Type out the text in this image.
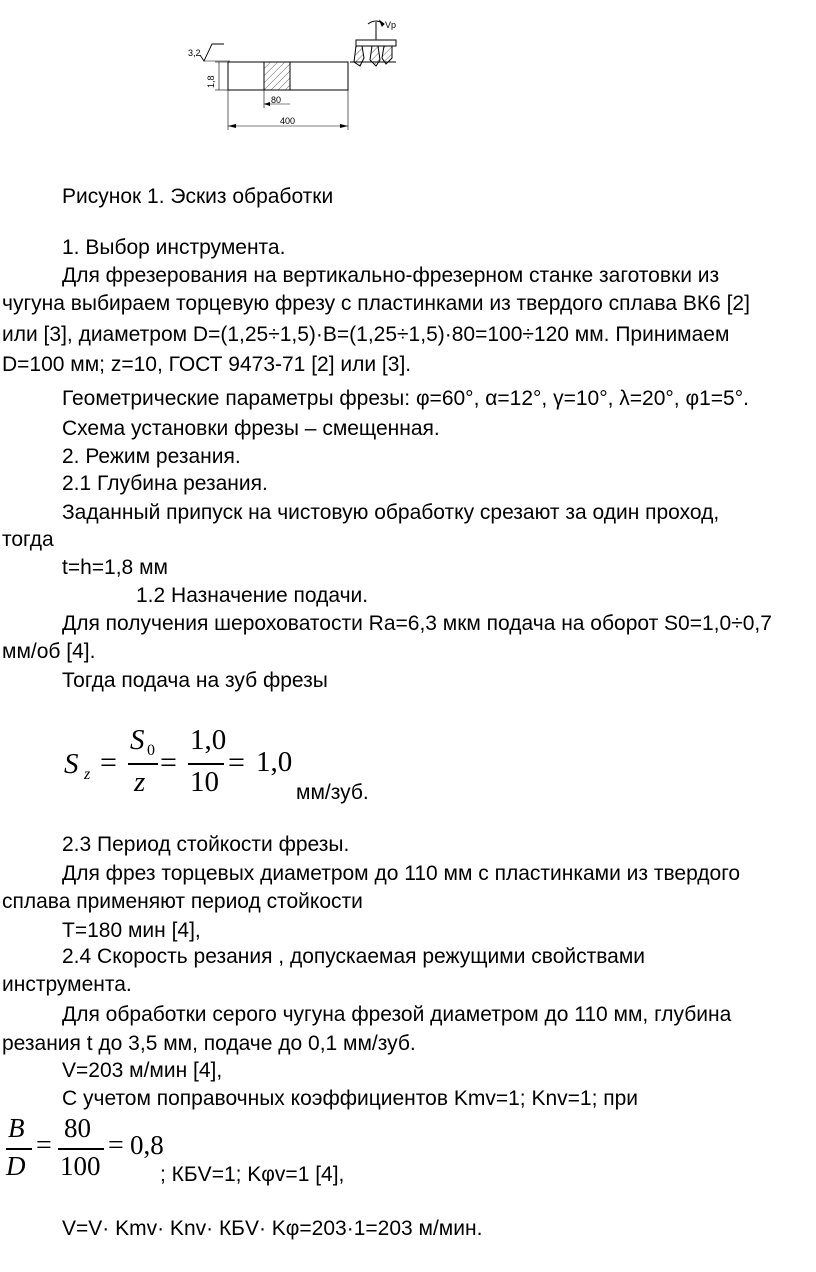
3,2
1,8
80
400
Vp
Рисунок 1. Эскиз обработки
1. Выбор инструмента.
Для фрезерования на вертикально-фрезерном станке заготовки из
чугуна выбираем торцевую фрезу с пластинками из твердого сплава ВК6 [2]
или [3], диаметром D=(1,25÷1,5)·B=(1,25÷1,5)·80=100÷120 мм. Принимаем
D=100 мм; z=10, ГОСТ 9473-71 [2] или [3].
Геометрические параметры фрезы: φ=60°, α=12°, γ=10°, λ=20°, φ1=5°.
Схема установки фрезы – смещенная.
2. Режим резания.
2.1 Глубина резания.
Заданный припуск на чистовую обработку срезают за один проход,
тогда
t=h=1,8 мм
1.2 Назначение подачи.
Для получения шероховатости Ra=6,3 мкм подача на оборот S0=1,0÷0,7
мм/об [4].
Тогда подача на зуб фрезы
S z =
S 0
z
=
1,0
10
= 1,0
мм/зуб.
2.3 Период стойкости фрезы.
Для фрез торцевых диаметром до 110 мм с пластинками из твердого
сплава применяют период стойкости
T=180 мин [4],
2.4 Скорость резания , допускаемая режущими свойствами
инструмента.
Для обработки серого чугуна фрезой диаметром до 110 мм, глубина
резания t до 3,5 мм, подаче до 0,1 мм/зуб.
V=203 м/мин [4],
С учетом поправочных коэффициентов Kmv=1; Knv=1; при
B
D
=
80
100
= 0,8
; КБV=1; Kφv=1 [4],
V=V· Kmv· Knv· КБV· Kφ=203·1=203 м/мин.
